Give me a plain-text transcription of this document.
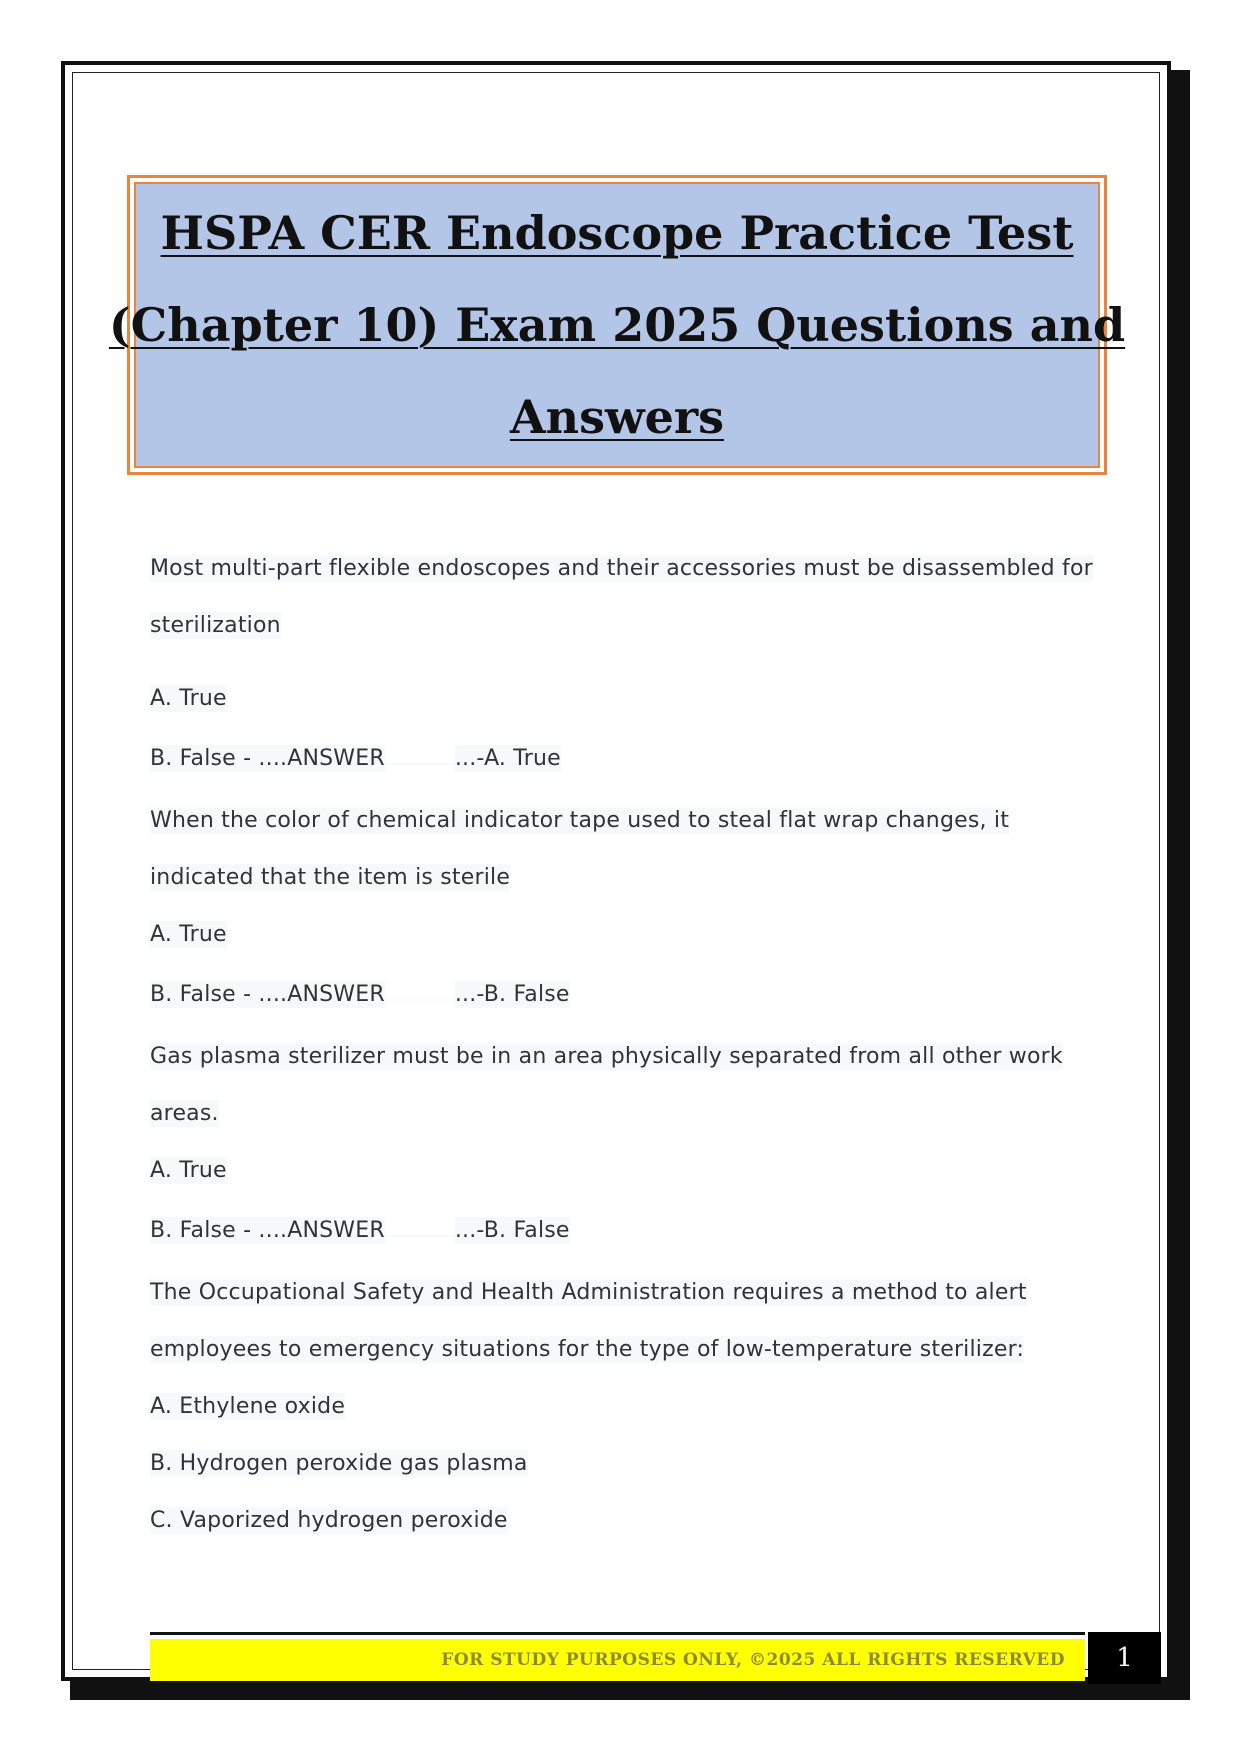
HSPA CER Endoscope Practice Test
(Chapter 10) Exam 2025 Questions and
Answers
Most multi-part flexible endoscopes and their accessories must be disassembled for
sterilization
A. True
B. False - ....ANSWER	...-A. True
When the color of chemical indicator tape used to steal flat wrap changes, it
indicated that the item is sterile
A. True
B. False - ....ANSWER	...-B. False
Gas plasma sterilizer must be in an area physically separated from all other work
areas.
A. True
B. False - ....ANSWER	...-B. False
The Occupational Safety and Health Administration requires a method to alert
employees to emergency situations for the type of low-temperature sterilizer:
A. Ethylene oxide
B. Hydrogen peroxide gas plasma
C. Vaporized hydrogen peroxide
FOR STUDY PURPOSES ONLY, ©2025 ALL RIGHTS RESERVED	1
